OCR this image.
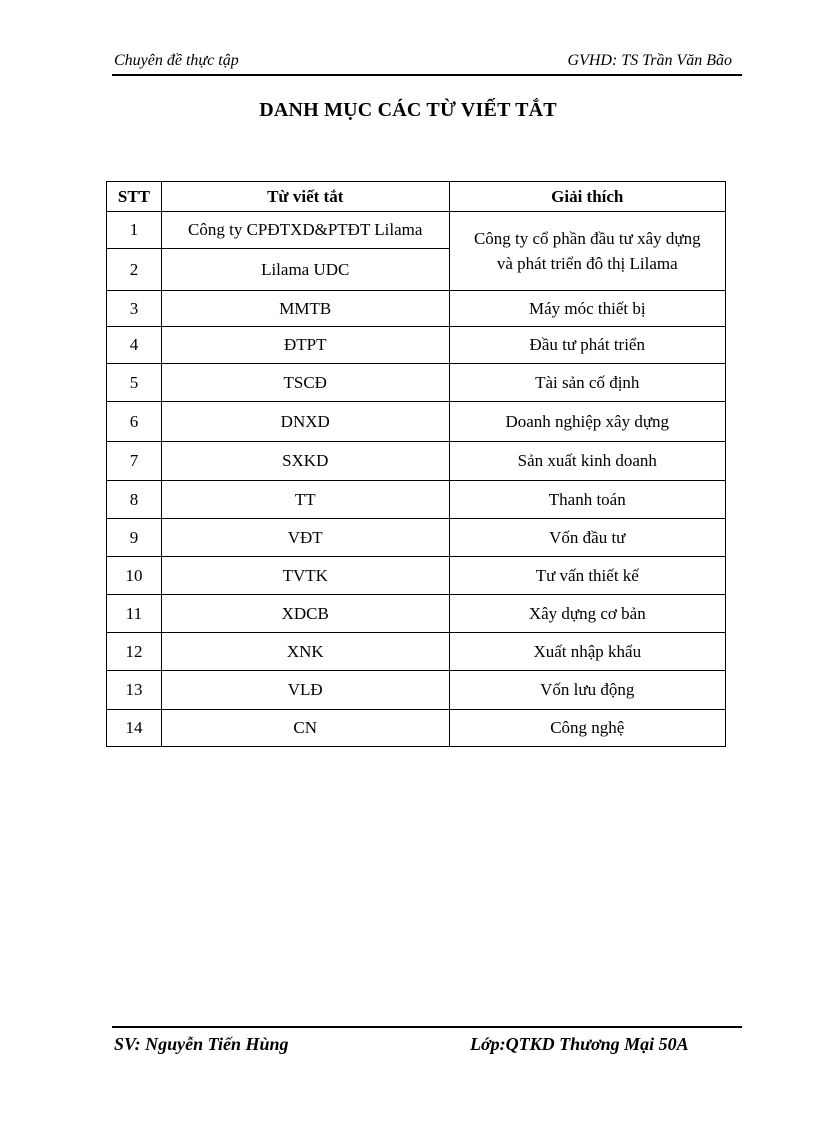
Chuyên đề thực tập	GVHD: TS Trần Văn Bão
DANH MỤC CÁC TỪ VIẾT TẮT
STT	Từ viết tắt	Giải thích
1	Công ty CPĐTXD&PTĐT Lilama	Công ty cổ phần đầu tư xây dựng
và phát triển đô thị Lilama

2	Lilama UDC	
3	MMTB	Máy móc thiết bị
4	ĐTPT	Đầu tư phát triển
5	TSCĐ	Tài sản cố định
6	DNXD	Doanh nghiệp xây dựng
7	SXKD	Sản xuất kinh doanh
8	TT	Thanh toán
9	VĐT	Vốn đầu tư
10	TVTK	Tư vấn thiết kế
11	XDCB	Xây dựng cơ bản
12	XNK	Xuất nhập khẩu
13	VLĐ	Vốn lưu động
14	CN	Công nghệ
SV: Nguyễn Tiến Hùng	Lớp:QTKD Thương Mại 50A
